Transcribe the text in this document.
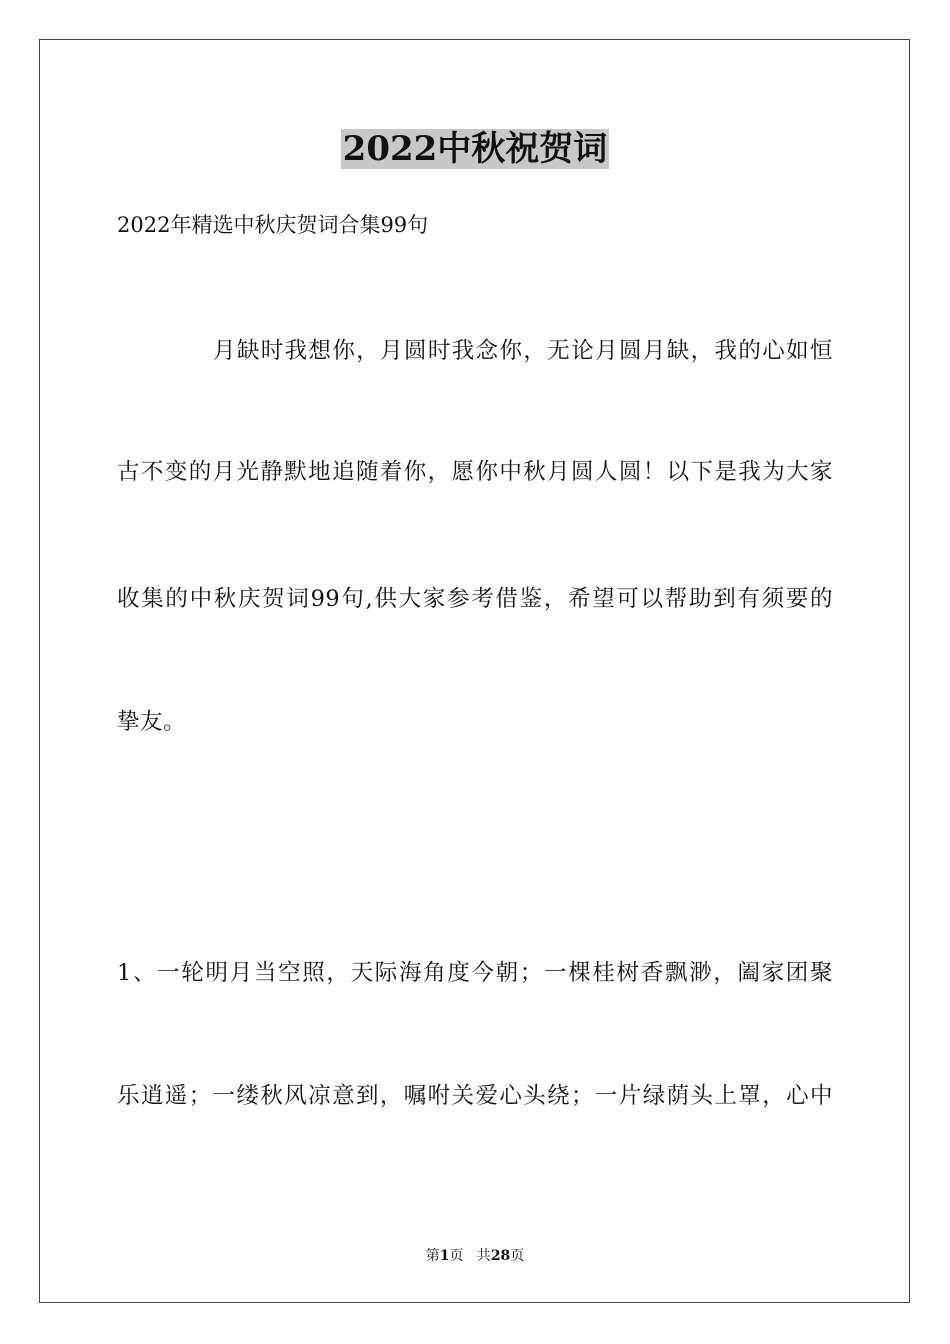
2022中秋祝贺词
2022年精选中秋庆贺词合集99句
月缺时我想你，月圆时我念你，无论月圆月缺，我的心如恒
古不变的月光静默地追随着你，愿你中秋月圆人圆！以下是我为大家
收集的中秋庆贺词99句,供大家参考借鉴，希望可以帮助到有须要的
挚友。
1、一轮明月当空照，天际海角度今朝；一棵桂树香飘渺，阖家团聚
乐逍遥；一缕秋风凉意到，嘱咐关爱心头绕；一片绿荫头上罩，心中
第1页   共28页
